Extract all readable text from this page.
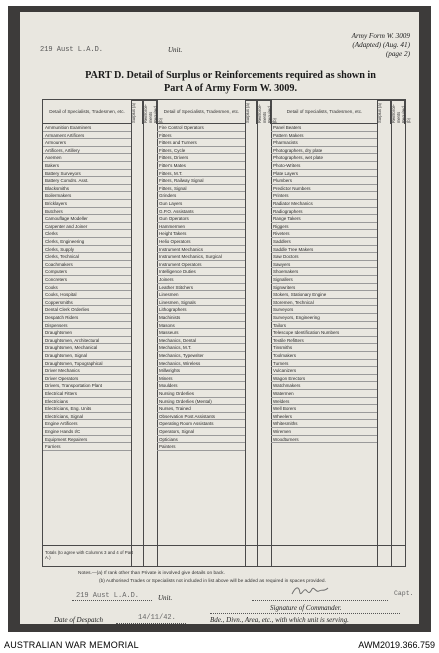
219 Aust L.A.D.	Unit.
Army Form W. 3009
(Adapted) (Aug. 41)
(page 2)
PART D. Detail of Surplus or Reinforcements required as shown in
Part A of Army Form W. 3009.
Detail of Specialists, Tradesmen, etc.	Surplus (a)	Reinforce- ments Required (b)
Detail of Specialists, Tradesmen, etc.	Surplus (a)	Reinforce- ments Required (b)
Detail of Specialists, Tradesmen, etc.	Surplus (a)	Reinforce- ments Required (b)
Ammunition Examiners
Armament Artificers
Armourers
Artificers, Artillery
Axemen
Bakers
Battery Surveyors
Battery Comdrs. Asst.
Blacksmiths
Boilermakers
Bricklayers
Butchers
Camouflage Modeller
Carpenter and Joiner
Clerks
Clerks, Engineering
Clerks, Supply
Clerks, Technical
Coachmakers
Computers
Concreters
Cooks
Cooks, Hospital
Coppersmiths
Dental Clerk Orderlies
Despatch Riders
Dispensers
Draughtsmen
Draughtsmen, Architectural
Draughtsmen, Mechanical
Draughtsmen, Signal
Draughtsmen, Topographical
Driver Mechanics
Driver Operators
Drivers, Transportation Plant
Electrical Fitters
Electricians
Electricians, Eng. Units
Electricians, Signal
Engine Artificers
Engine Hands I/C
Equipment Repairers
Farriers
Fire Control Operators
Fitters
Fitters and Turners
Fitters, Cycle
Fitters, Drivers
Fitter's Mates
Fitters, M.T.
Fitters, Railway Signal
Fitters, Signal
Grinders
Gun Layers
G.P.O. Assistants
Gun Operators
Hammermen
Height Takers
Helio Operators
Instrument Mechanics
Instrument Mechanics, Surgical
Instrument Operators
Intelligence Duties
Joiners
Leather Stitchers
Linesmen
Linesmen, Signals
Lithographers
Machinists
Masons
Masseurs
Mechanics, Dental
Mechanics, M.T.
Mechanics, Typewriter
Mechanics, Wireless
Millwrights
Miners
Moulders
Nursing Orderlies
Nursing Orderlies (Mental)
Nurses, Trained
Observation Post Assistants
Operating Room Assistants
Operators, Signal
Opticians
Painters
Panel Beaters
Pattern Makers
Pharmacists
Photographers, dry plate
Photographers, wet plate
Photo-Writers
Plate Layers
Plumbers
Predictor Numbers
Printers
Radiator Mechanics
Radiographers
Range Takers
Riggers
Riveters
Saddlers
Saddle Tree Makers
Saw Doctors
Sawyers
Shoemakers
Signallers
Signwriters
Stokers, Stationary Engine
Storemen, Technical
Surveyors
Surveyors, Engineering
Tailors
Telescope Identification Numbers
Textile Refitters
Tinsmiths
Toolmakers
Turners
Vulcanizers
Wagon Erectors
Watchmakers
Watermen
Welders
Well Borers
Wheelers
Whitesmiths
Wiremen
Woodturners
Totals (to agree with Columns 3 and 4 of Part A.)
Notes.—(a) If rank other than Private is involved give details on back.
(b) Authorised Trades or Specialists not included in list above will be added as required in spaces provided.
219 Aust L.A.D.	Unit.
Capt.
Signature of Commander.
Date of Despatch	14/11/42.	Bde., Divn., Area, etc., with which unit is serving.
AUSTRALIAN WAR MEMORIAL	AWM2019.366.759
